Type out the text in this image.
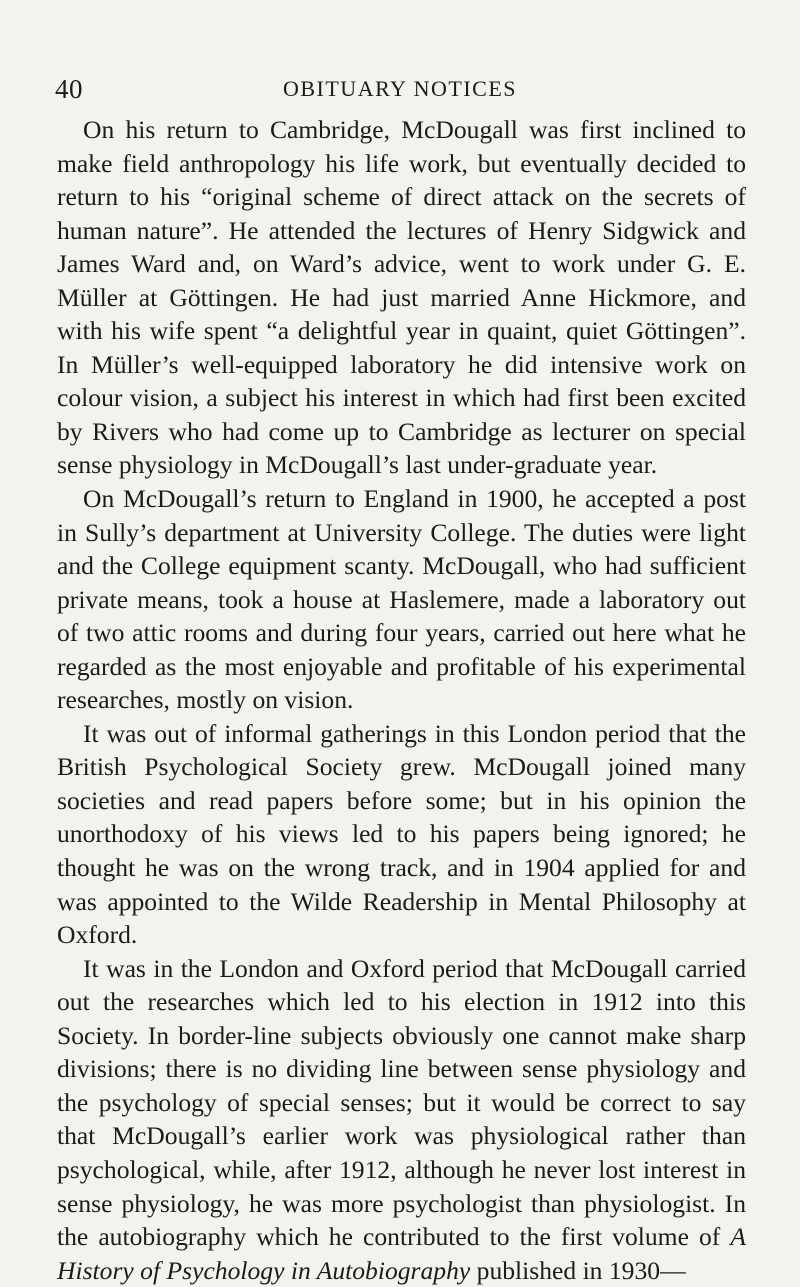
40	OBITUARY NOTICES

On his return to Cambridge, McDougall was first inclined to make field anthropology his life work, but eventually decided to return to his “original scheme of direct attack on the secrets of human nature”. He attended the lectures of Henry Sidgwick and James Ward and, on Ward’s advice, went to work under G. E. Müller at Göttingen. He had just married Anne Hickmore, and with his wife spent “a delightful year in quaint, quiet Göttingen”. In Müller’s well-equipped laboratory he did intensive work on colour vision, a subject his interest in which had first been excited by Rivers who had come up to Cambridge as lecturer on special sense physiology in McDougall’s last under-graduate year.

On McDougall’s return to England in 1900, he accepted a post in Sully’s department at University College. The duties were light and the College equipment scanty. McDougall, who had sufficient private means, took a house at Haslemere, made a laboratory out of two attic rooms and during four years, carried out here what he regarded as the most enjoyable and profitable of his experimental researches, mostly on vision.

It was out of informal gatherings in this London period that the British Psychological Society grew. McDougall joined many societies and read papers before some; but in his opinion the unorthodoxy of his views led to his papers being ignored; he thought he was on the wrong track, and in 1904 applied for and was appointed to the Wilde Readership in Mental Philosophy at Oxford.

It was in the London and Oxford period that McDougall carried out the researches which led to his election in 1912 into this Society. In border-line subjects obviously one cannot make sharp divisions; there is no dividing line between sense physiology and the psychology of special senses; but it would be correct to say that McDougall’s earlier work was physiological rather than psychological, while, after 1912, although he never lost interest in sense physiology, he was more psychologist than physiologist. In the autobiography which he contributed to the first volume of A History of Psychology in Autobiography published in 1930—
